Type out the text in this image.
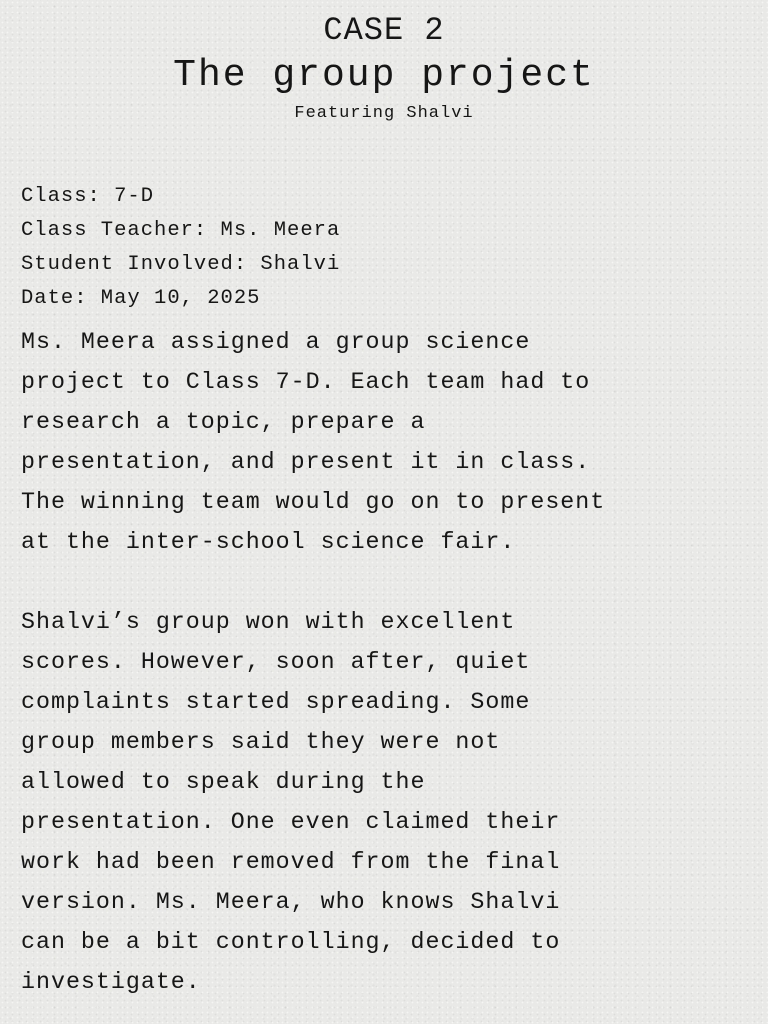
CASE 2
The group project
Featuring Shalvi
Class: 7-D
Class Teacher: Ms. Meera
Student Involved: Shalvi
Date: May 10, 2025
Ms. Meera assigned a group science
project to Class 7-D. Each team had to
research a topic, prepare a
presentation, and present it in class.
The winning team would go on to present
at the inter-school science fair.
Shalvi’s group won with excellent
scores. However, soon after, quiet
complaints started spreading. Some
group members said they were not
allowed to speak during the
presentation. One even claimed their
work had been removed from the final
version. Ms. Meera, who knows Shalvi
can be a bit controlling, decided to
investigate.
